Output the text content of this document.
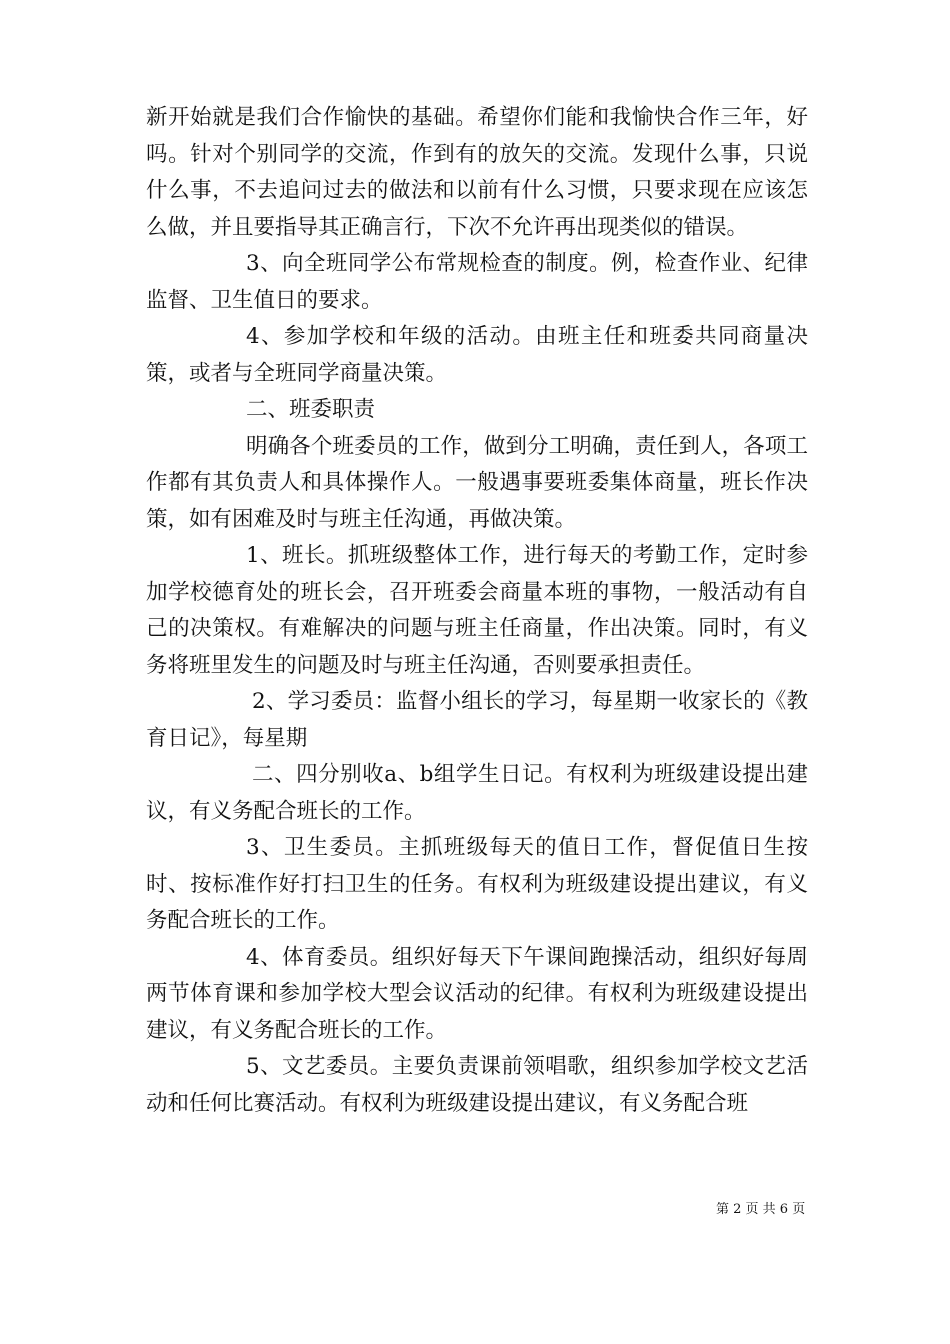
新开始就是我们合作愉快的基础。希望你们能和我愉快合作三年，好吗。针对个别同学的交流，作到有的放矢的交流。发现什么事，只说什么事，不去追问过去的做法和以前有什么习惯，只要求现在应该怎么做，并且要指导其正确言行，下次不允许再出现类似的错误。

3、向全班同学公布常规检查的制度。例，检查作业、纪律监督、卫生值日的要求。

4、参加学校和年级的活动。由班主任和班委共同商量决策，或者与全班同学商量决策。

二、班委职责

明确各个班委员的工作，做到分工明确，责任到人，各项工作都有其负责人和具体操作人。一般遇事要班委集体商量，班长作决策，如有困难及时与班主任沟通，再做决策。

1、班长。抓班级整体工作，进行每天的考勤工作，定时参加学校德育处的班长会，召开班委会商量本班的事物，一般活动有自己的决策权。有难解决的问题与班主任商量，作出决策。同时，有义务将班里发生的问题及时与班主任沟通，否则要承担责任。

2、学习委员：监督小组长的学习，每星期一收家长的《教育日记》，每星期

二、四分别收a、b组学生日记。有权利为班级建设提出建议，有义务配合班长的工作。

3、卫生委员。主抓班级每天的值日工作，督促值日生按时、按标准作好打扫卫生的任务。有权利为班级建设提出建议，有义务配合班长的工作。

4、体育委员。组织好每天下午课间跑操活动，组织好每周两节体育课和参加学校大型会议活动的纪律。有权利为班级建设提出建议，有义务配合班长的工作。

5、文艺委员。主要负责课前领唱歌，组织参加学校文艺活动和任何比赛活动。有权利为班级建设提出建议，有义务配合班

第 2 页 共 6 页
